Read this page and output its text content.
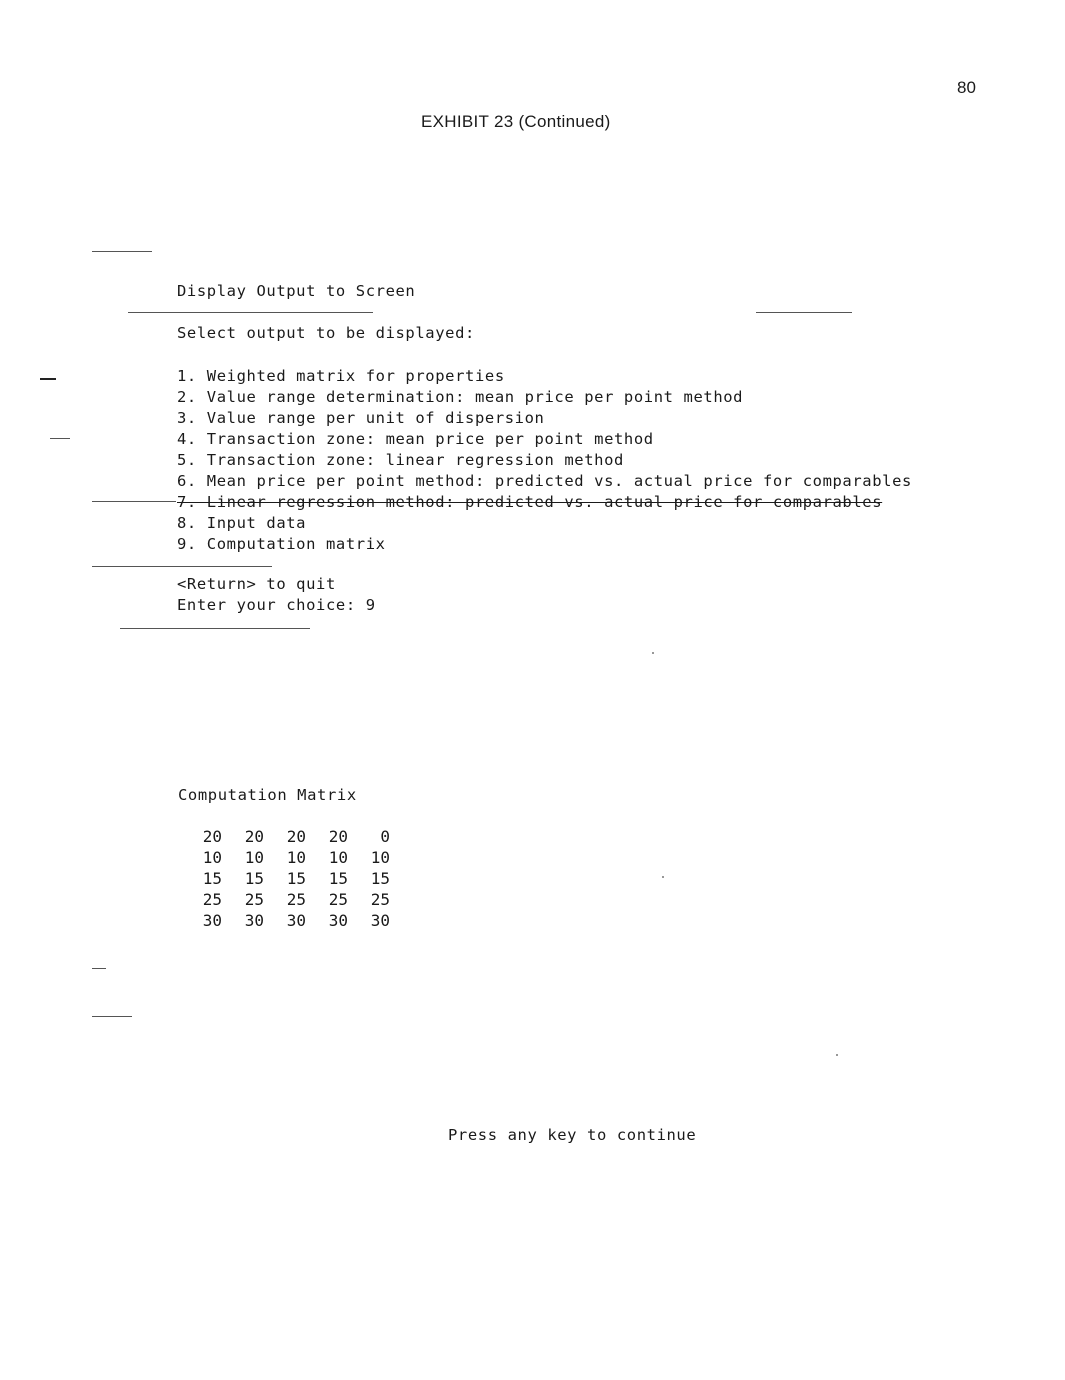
80
EXHIBIT 23 (Continued)
Display Output to Screen
Select output to be displayed:
1. Weighted matrix for properties
2. Value range determination: mean price per point method
3. Value range per unit of dispersion
4. Transaction zone: mean price per point method
5. Transaction zone: linear regression method
6. Mean price per point method: predicted vs. actual price for comparables
7. Linear regression method: predicted vs. actual price for comparables
8. Input data
9. Computation matrix
<Return> to quit
Enter your choice: 9
Computation Matrix
20	20	20	20	0
10	10	10	10	10
15	15	15	15	15
25	25	25	25	25
30	30	30	30	30
Press any key to continue
